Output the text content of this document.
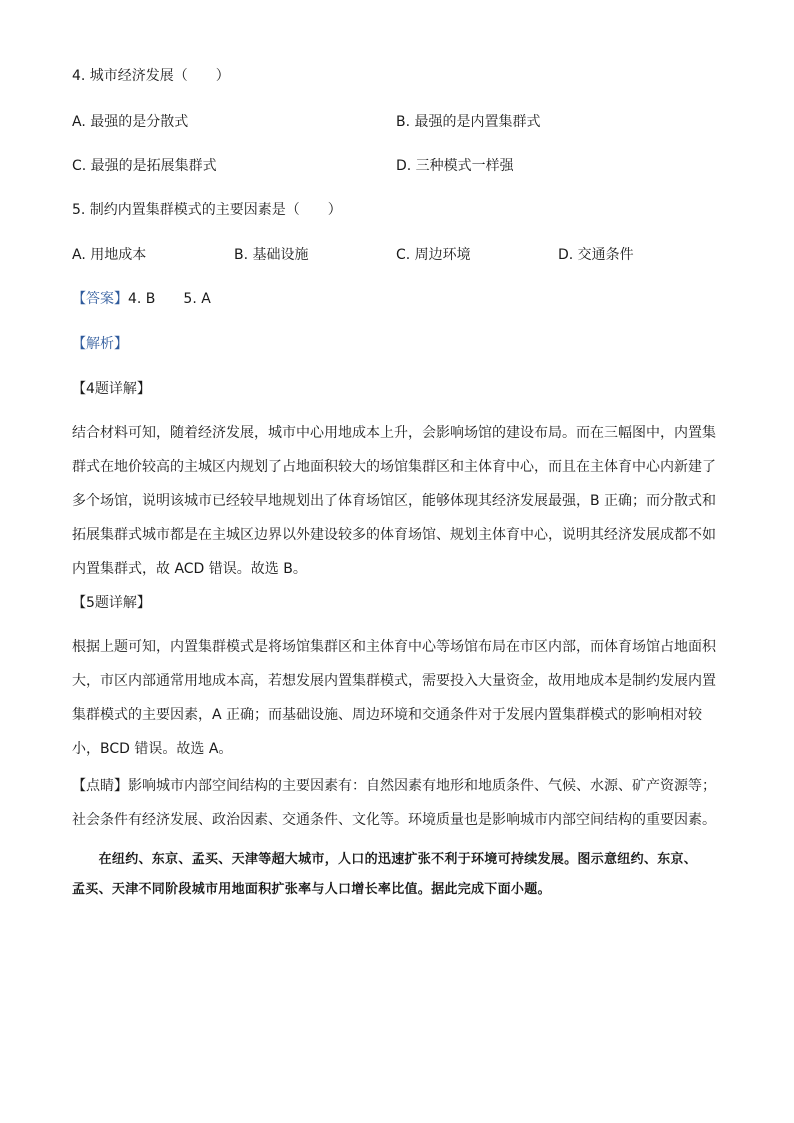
4. 城市经济发展（　　）
A. 最强的是分散式	B. 最强的是内置集群式
C. 最强的是拓展集群式	D. 三种模式一样强
5. 制约内置集群模式的主要因素是（　　）
A. 用地成本	B. 基础设施	C. 周边环境	D. 交通条件
【答案】4. B　　5. A
【解析】
【4题详解】
结合材料可知，随着经济发展，城市中心用地成本上升，会影响场馆的建设布局。而在三幅图中，内置集
群式在地价较高的主城区内规划了占地面积较大的场馆集群区和主体育中心，而且在主体育中心内新建了
多个场馆，说明该城市已经较早地规划出了体育场馆区，能够体现其经济发展最强，B 正确；而分散式和
拓展集群式城市都是在主城区边界以外建设较多的体育场馆、规划主体育中心，说明其经济发展成都不如
内置集群式，故 ACD 错误。故选 B。
【5题详解】
根据上题可知，内置集群模式是将场馆集群区和主体育中心等场馆布局在市区内部，而体育场馆占地面积
大，市区内部通常用地成本高，若想发展内置集群模式，需要投入大量资金，故用地成本是制约发展内置
集群模式的主要因素，A 正确；而基础设施、周边环境和交通条件对于发展内置集群模式的影响相对较
小，BCD 错误。故选 A。
【点睛】影响城市内部空间结构的主要因素有：自然因素有地形和地质条件、气候、水源、矿产资源等；
社会条件有经济发展、政治因素、交通条件、文化等。环境质量也是影响城市内部空间结构的重要因素。
　　在纽约、东京、孟买、天津等超大城市，人口的迅速扩张不利于环境可持续发展。图示意纽约、东京、
孟买、天津不同阶段城市用地面积扩张率与人口增长率比值。据此完成下面小题。
